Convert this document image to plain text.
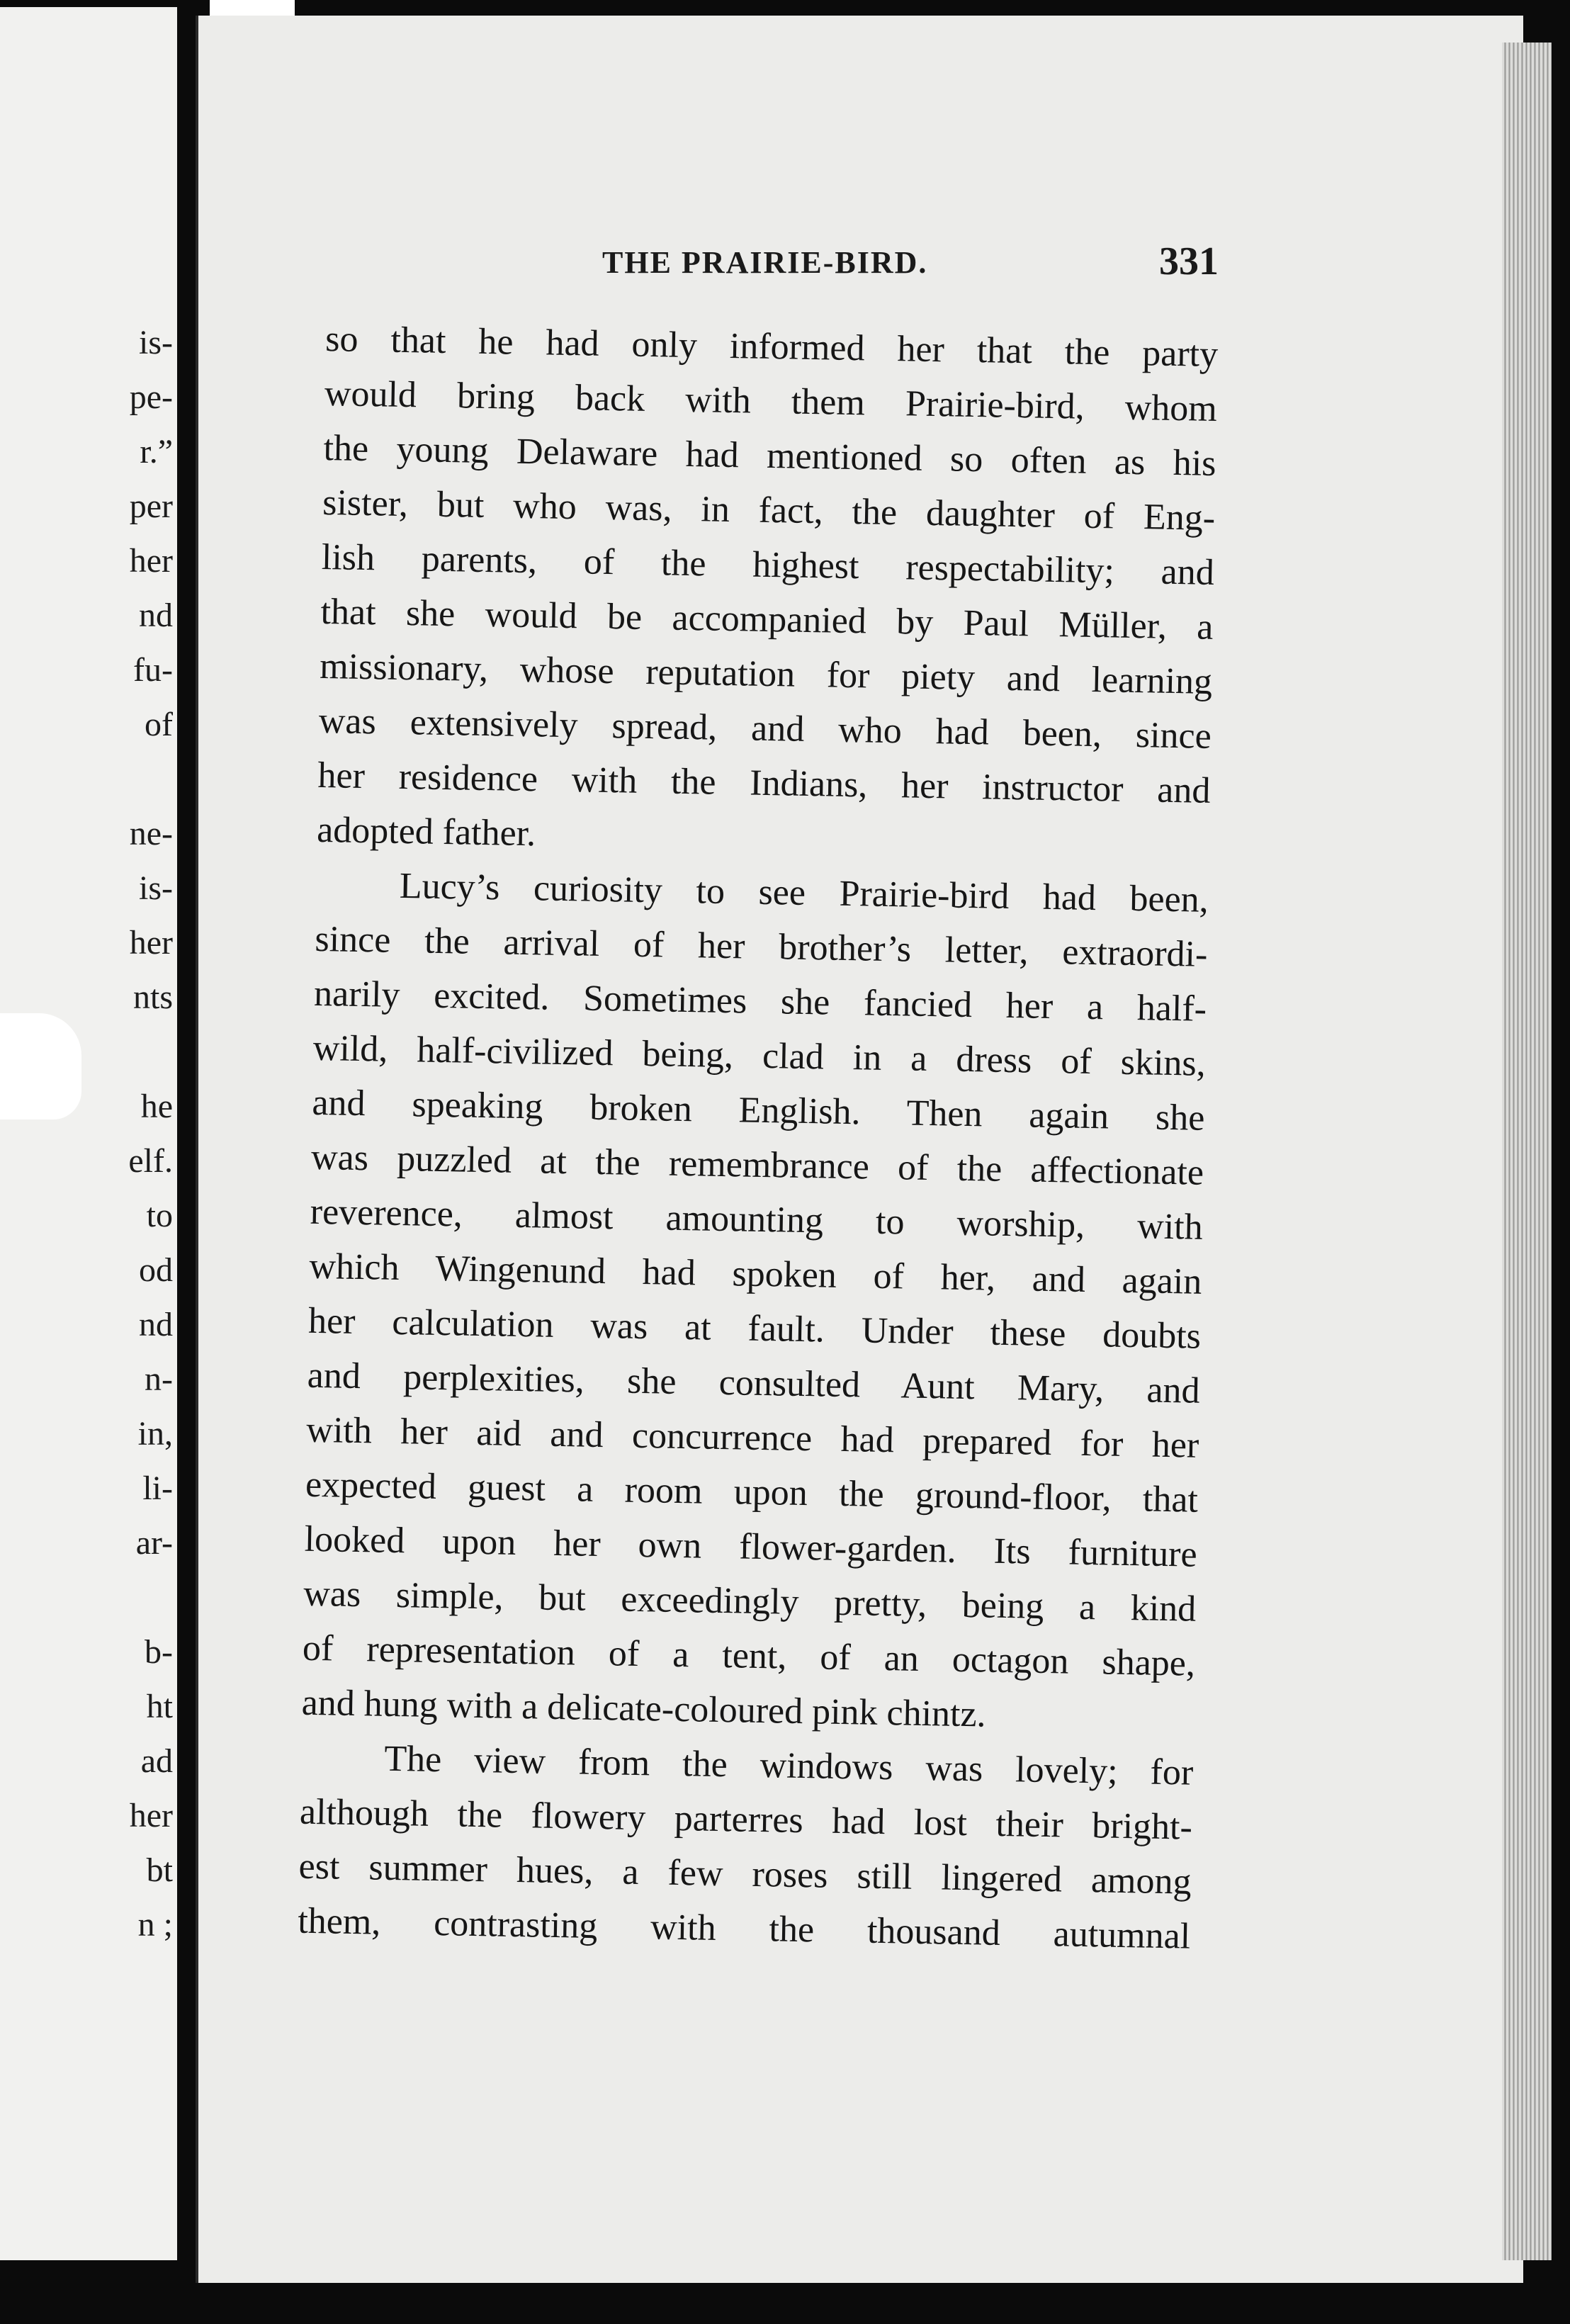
is-
pe-
r.”
per
her
nd
fu-
of
ne-
is-
her
nts
he
elf.
to
od
nd
n-
in,
li-
ar-
b-
ht
ad
her
bt
n ;
THE PRAIRIE-BIRD.	331
so that he had only informed her that the party
would bring back with them Prairie-bird, whom
the young Delaware had mentioned so often as his
sister, but who was, in fact, the daughter of Eng-
lish parents, of the highest respectability; and
that she would be accompanied by Paul Müller, a
missionary, whose reputation for piety and learning
was extensively spread, and who had been, since
her residence with the Indians, her instructor and
adopted father.
Lucy’s curiosity to see Prairie-bird had been,
since the arrival of her brother’s letter, extraordi-
narily excited. Sometimes she fancied her a half-
wild, half-civilized being, clad in a dress of skins,
and speaking broken English. Then again she
was puzzled at the remembrance of the affectionate
reverence, almost amounting to worship, with
which Wingenund had spoken of her, and again
her calculation was at fault. Under these doubts
and perplexities, she consulted Aunt Mary, and
with her aid and concurrence had prepared for her
expected guest a room upon the ground-floor, that
looked upon her own flower-garden. Its furniture
was simple, but exceedingly pretty, being a kind
of representation of a tent, of an octagon shape,
and hung with a delicate-coloured pink chintz.
The view from the windows was lovely; for
although the flowery parterres had lost their bright-
est summer hues, a few roses still lingered among
them, contrasting with the thousand autumnal
